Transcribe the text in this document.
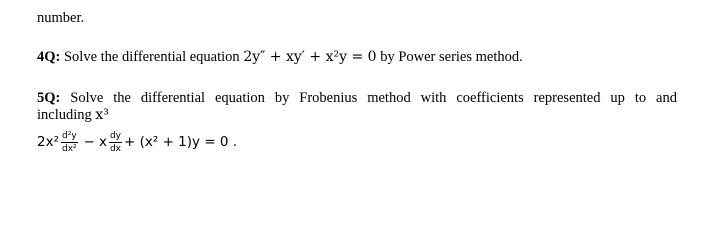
number.
4Q: Solve the differential equation 2y″ + xy′ + x²y = 0 by Power series method.
5Q: Solve the differential equation by Frobenius method with coefficients represented up to and
including x³
$2x^2 \frac{\text{d²y}}{\text{dx²}} - x \frac{dy}{dx} + (x^2 + 1)y = 0$ .
